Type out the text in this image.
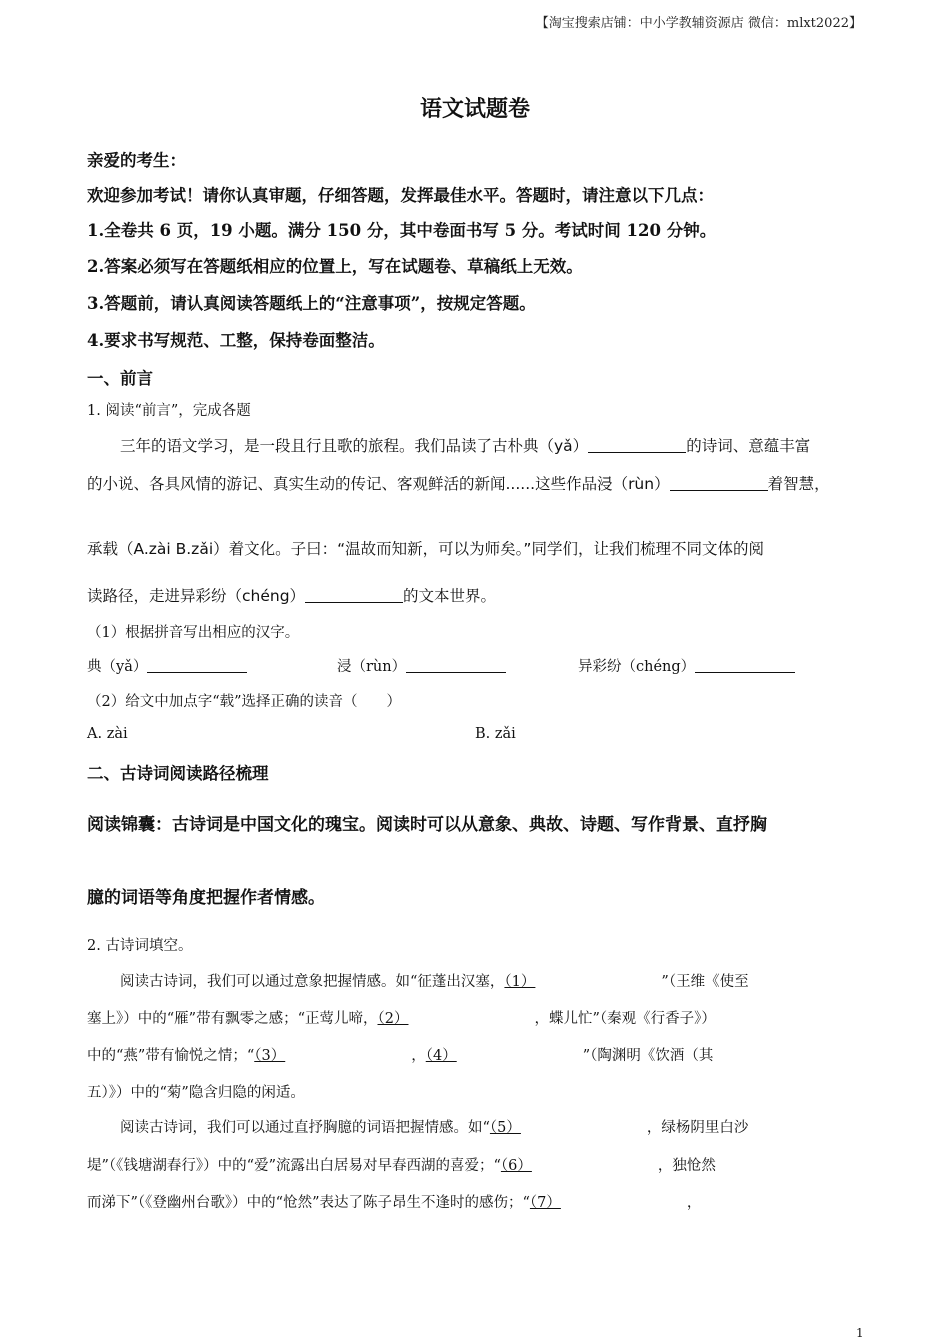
【淘宝搜索店铺：中小学教辅资源店 微信：mlxt2022】
语文试题卷
亲爱的考生：
欢迎参加考试！请你认真审题，仔细答题，发挥最佳水平。答题时，请注意以下几点：
1.全卷共 6 页，19 小题。满分 150 分，其中卷面书写 5 分。考试时间 120 分钟。
2.答案必须写在答题纸相应的位置上，写在试题卷、草稿纸上无效。
3.答题前，请认真阅读答题纸上的“注意事项”，按规定答题。
4.要求书写规范、工整，保持卷面整洁。
一、前言
1. 阅读“前言”，完成各题
三年的语文学习，是一段且行且歌的旅程。我们品读了古朴典（yǎ）	的诗词、意蕴丰富
的小说、各具风情的游记、真实生动的传记、客观鲜活的新闻......这些作品浸（rùn）	着智慧，
承载（A.zài B.zǎi）着文化。子曰：“温故而知新，可以为师矣。”同学们，让我们梳理不同文体的阅
读路径，走进异彩纷（chéng）	的文本世界。
（1）根据拼音写出相应的汉字。
典（yǎ）	浸（rùn）	异彩纷（chéng）
（2）给文中加点字“载”选择正确的读音（　　）
A. zài	B. zǎi
二、古诗词阅读路径梳理
阅读锦囊：古诗词是中国文化的瑰宝。阅读时可以从意象、典故、诗题、写作背景、直抒胸
臆的词语等角度把握作者情感。
2. 古诗词填空。
阅读古诗词，我们可以通过意象把握情感。如“征蓬出汉塞，（1）	”（王维《使至
塞上》）中的“雁”带有飘零之感；“正莺儿啼，（2）	，蝶儿忙”（秦观《行香子》）
中的“燕”带有愉悦之情；“（3）	，（4）	”（陶渊明《饮酒（其
五）》）中的“菊”隐含归隐的闲适。
阅读古诗词，我们可以通过直抒胸臆的词语把握情感。如“（5）	，绿杨阴里白沙
堤”（《钱塘湖春行》）中的“爱”流露出白居易对早春西湖的喜爱；“（6）	，独怆然
而涕下”（《登幽州台歌》）中的“怆然”表达了陈子昂生不逢时的感伤；“（7）	，
1
